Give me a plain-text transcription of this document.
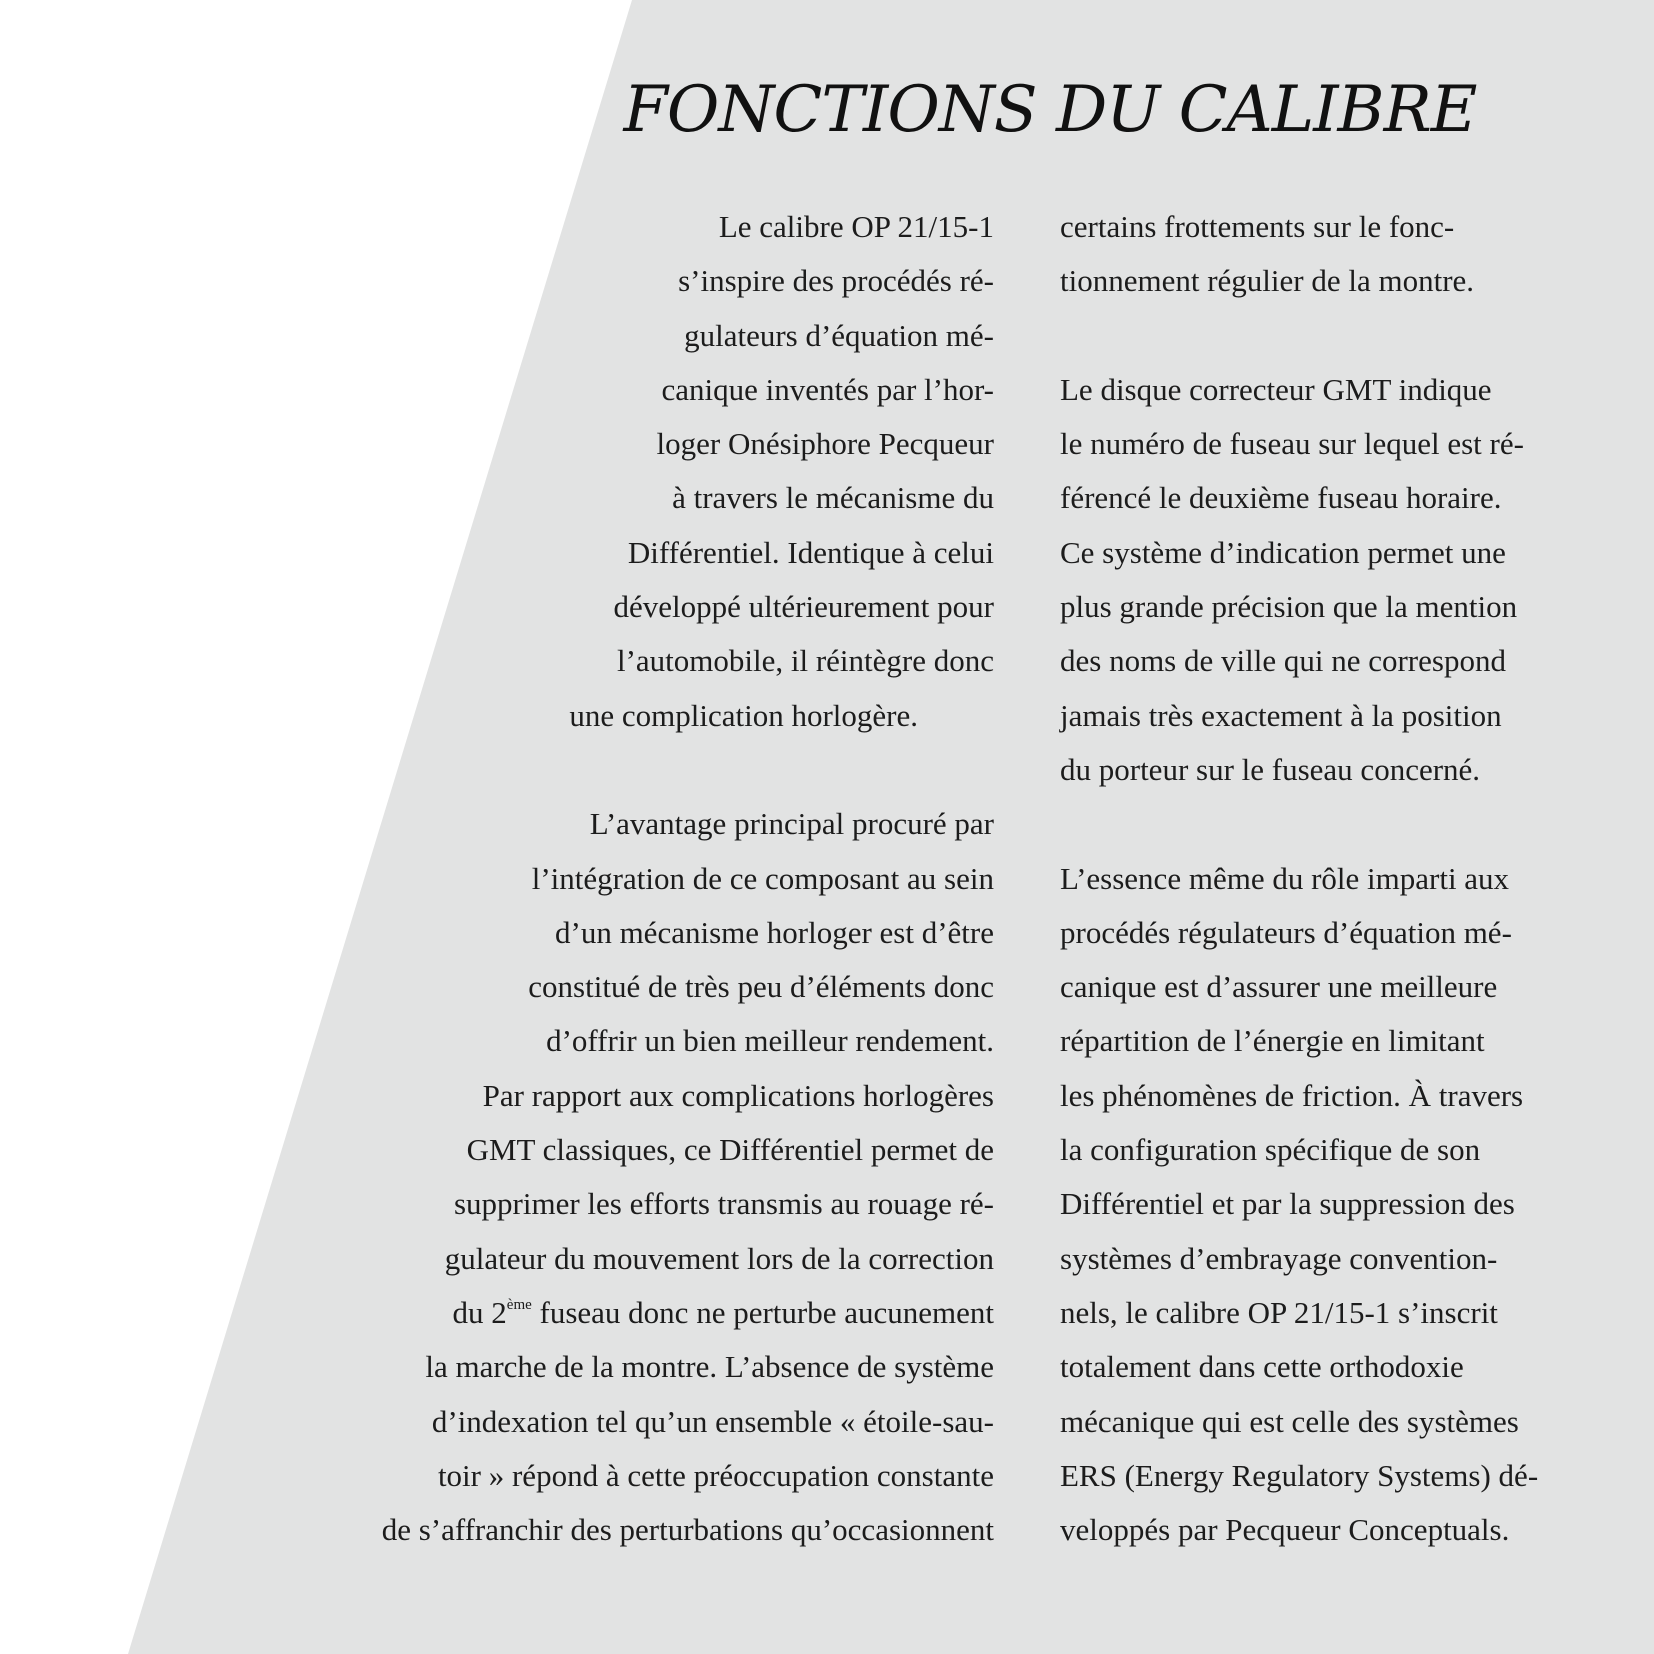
FONCTIONS DU CALIBRE
Le calibre OP 21/15-1
s’inspire des procédés ré-
gulateurs d’équation mé-
canique inventés par l’hor-
loger Onésiphore Pecqueur
à travers le mécanisme du
Différentiel. Identique à celui
développé ultérieurement pour
l’automobile, il réintègre donc
une complication horlogère.
L’avantage principal procuré par
l’intégration de ce composant au sein
d’un mécanisme horloger est d’être
constitué de très peu d’éléments donc
d’offrir un bien meilleur rendement.
Par rapport aux complications horlogères
GMT classiques, ce Différentiel permet de
supprimer les efforts transmis au rouage ré-
gulateur du mouvement lors de la correction
du 2ème fuseau donc ne perturbe aucunement
la marche de la montre. L’absence de système
d’indexation tel qu’un ensemble « étoile-sau-
toir » répond à cette préoccupation constante
de s’affranchir des perturbations qu’occasionnent
certains frottements sur le fonc-
tionnement régulier de la montre.
Le disque correcteur GMT indique
le numéro de fuseau sur lequel est ré-
férencé le deuxième fuseau horaire.
Ce système d’indication permet une
plus grande précision que la mention
des noms de ville qui ne correspond
jamais très exactement à la position
du porteur sur le fuseau concerné.
L’essence même du rôle imparti aux
procédés régulateurs d’équation mé-
canique est d’assurer une meilleure
répartition de l’énergie en limitant
les phénomènes de friction. À travers
la configuration spécifique de son
Différentiel et par la suppression des
systèmes d’embrayage convention-
nels, le calibre OP 21/15-1 s’inscrit
totalement dans cette orthodoxie
mécanique qui est celle des systèmes
ERS (Energy Regulatory Systems) dé-
veloppés par Pecqueur Conceptuals.
